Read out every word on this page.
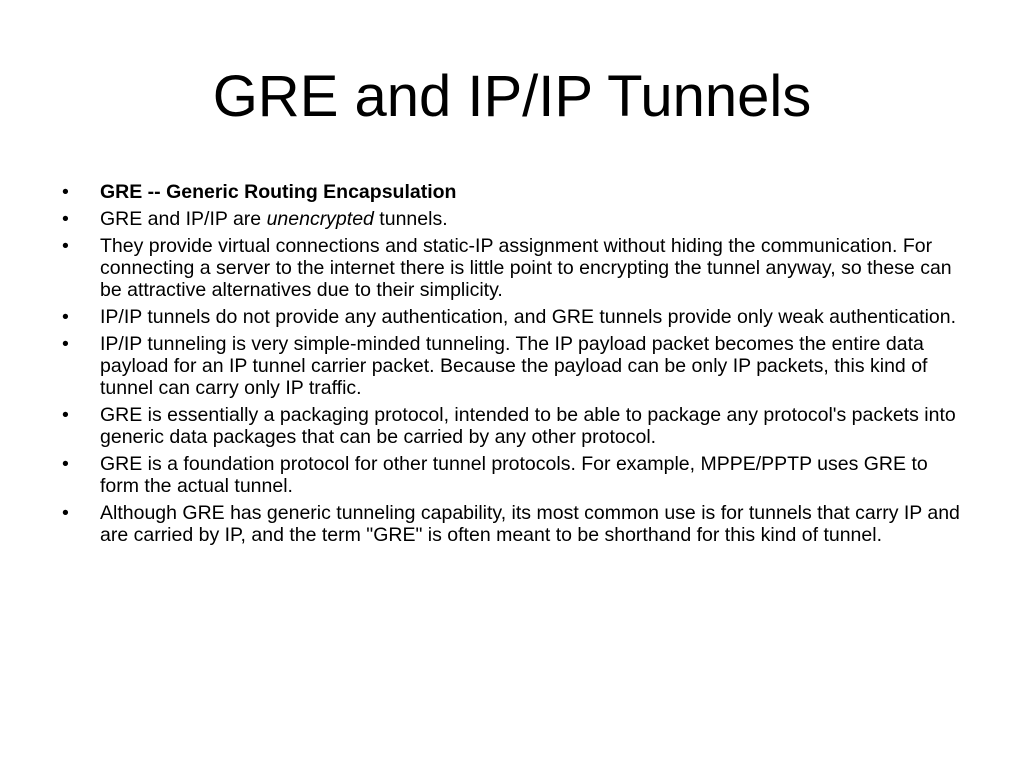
GRE and IP/IP Tunnels
•	GRE -- Generic Routing Encapsulation
•	GRE and IP/IP are unencrypted tunnels.
•	They provide virtual connections and static-IP assignment without hiding the communication. For connecting a server to the internet there is little point to encrypting the tunnel anyway, so these can be attractive alternatives due to their simplicity.
•	IP/IP tunnels do not provide any authentication, and GRE tunnels provide only weak authentication.
•	IP/IP tunneling is very simple-minded tunneling. The IP payload packet becomes the entire data payload for an IP tunnel carrier packet. Because the payload can be only IP packets, this kind of tunnel can carry only IP traffic.
•	GRE is essentially a packaging protocol, intended to be able to package any protocol's packets into generic data packages that can be carried by any other protocol.
•	GRE is a foundation protocol for other tunnel protocols. For example, MPPE/PPTP uses GRE to form the actual tunnel.
•	Although GRE has generic tunneling capability, its most common use is for tunnels that carry IP and are carried by IP, and the term "GRE" is often meant to be shorthand for this kind of tunnel.
